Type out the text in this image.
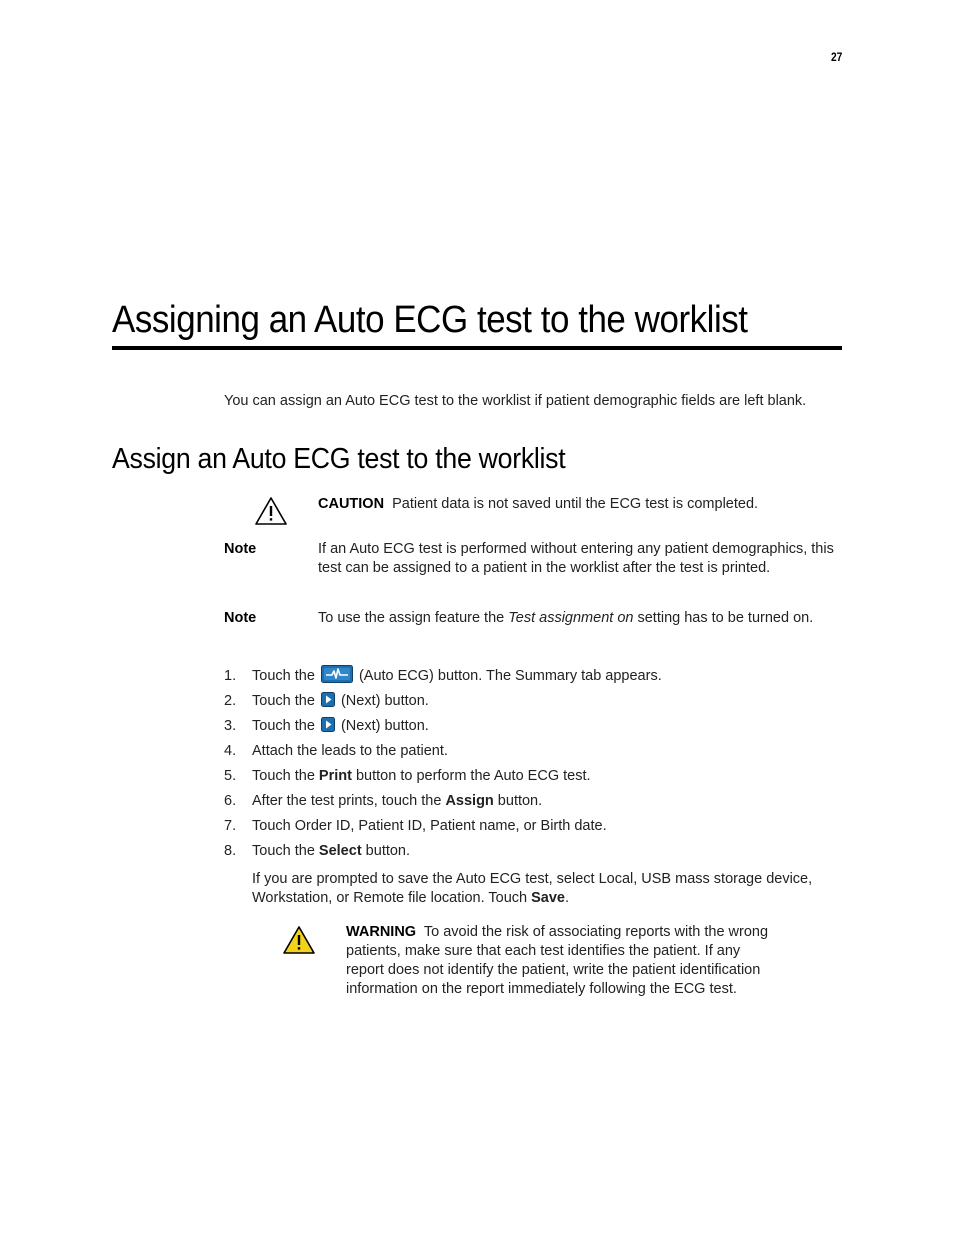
27
Assigning an Auto ECG test to the worklist

You can assign an Auto ECG test to the worklist if patient demographic fields are left blank.

Assign an Auto ECG test to the worklist
CAUTION Patient data is not saved until the ECG test is completed.
Note	If an Auto ECG test is performed without entering any patient demographics, this test can be assigned to a patient in the worklist after the test is printed.
Note	To use the assign feature the Test assignment on setting has to be turned on.
1.	Touch the	(Auto ECG) button. The Summary tab appears.
2.	Touch the (Next) button.
3.	Touch the (Next) button.
4.	Attach the leads to the patient.
5.	Touch the Print button to perform the Auto ECG test.
6.	After the test prints, touch the Assign button.
7.	Touch Order ID, Patient ID, Patient name, or Birth date.
8.	Touch the Select button.

If you are prompted to save the Auto ECG test, select Local, USB mass storage device, Workstation, or Remote file location. Touch Save.

WARNING To avoid the risk of associating reports with the wrong patients, make sure that each test identifies the patient. If any report does not identify the patient, write the patient identification information on the report immediately following the ECG test.
